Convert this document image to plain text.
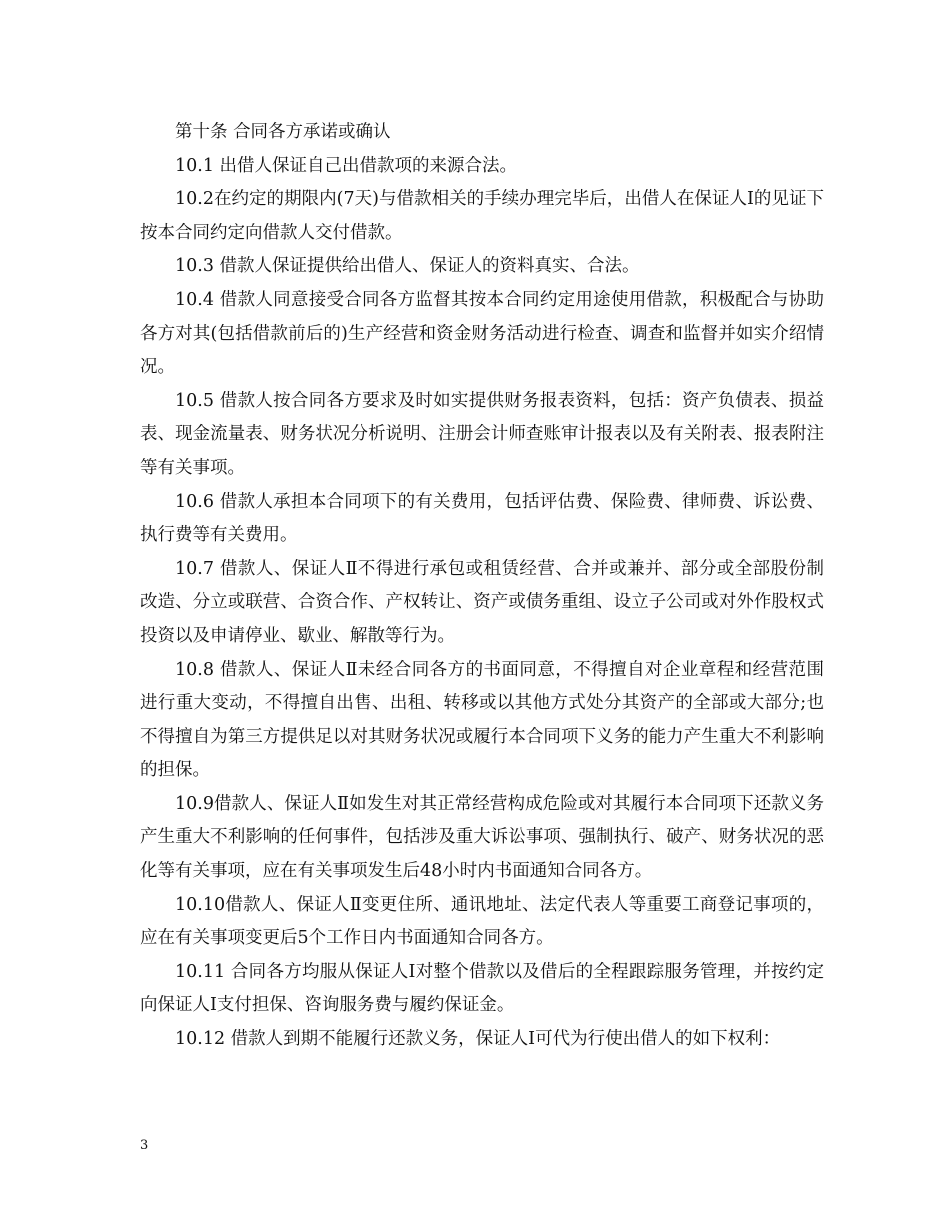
第十条 合同各方承诺或确认

10.1 出借人保证自己出借款项的来源合法。

10.2在约定的期限内(7天)与借款相关的手续办理完毕后，出借人在保证人Ⅰ的见证下按本合同约定向借款人交付借款。

10.3 借款人保证提供给出借人、保证人的资料真实、合法。

10.4 借款人同意接受合同各方监督其按本合同约定用途使用借款，积极配合与协助各方对其(包括借款前后的)生产经营和资金财务活动进行检查、调查和监督并如实介绍情况。

10.5 借款人按合同各方要求及时如实提供财务报表资料，包括：资产负债表、损益表、现金流量表、财务状况分析说明、注册会计师查账审计报表以及有关附表、报表附注等有关事项。

10.6 借款人承担本合同项下的有关费用，包括评估费、保险费、律师费、诉讼费、执行费等有关费用。

10.7 借款人、保证人Ⅱ不得进行承包或租赁经营、合并或兼并、部分或全部股份制改造、分立或联营、合资合作、产权转让、资产或债务重组、设立子公司或对外作股权式投资以及申请停业、歇业、解散等行为。

10.8 借款人、保证人Ⅱ未经合同各方的书面同意，不得擅自对企业章程和经营范围进行重大变动，不得擅自出售、出租、转移或以其他方式处分其资产的全部或大部分;也不得擅自为第三方提供足以对其财务状况或履行本合同项下义务的能力产生重大不利影响的担保。

10.9借款人、保证人Ⅱ如发生对其正常经营构成危险或对其履行本合同项下还款义务产生重大不利影响的任何事件，包括涉及重大诉讼事项、强制执行、破产、财务状况的恶化等有关事项，应在有关事项发生后48小时内书面通知合同各方。

10.10借款人、保证人Ⅱ变更住所、通讯地址、法定代表人等重要工商登记事项的，应在有关事项变更后5个工作日内书面通知合同各方。

10.11 合同各方均服从保证人Ⅰ对整个借款以及借后的全程跟踪服务管理，并按约定向保证人Ⅰ支付担保、咨询服务费与履约保证金。

10.12 借款人到期不能履行还款义务，保证人Ⅰ可代为行使出借人的如下权利：

3
